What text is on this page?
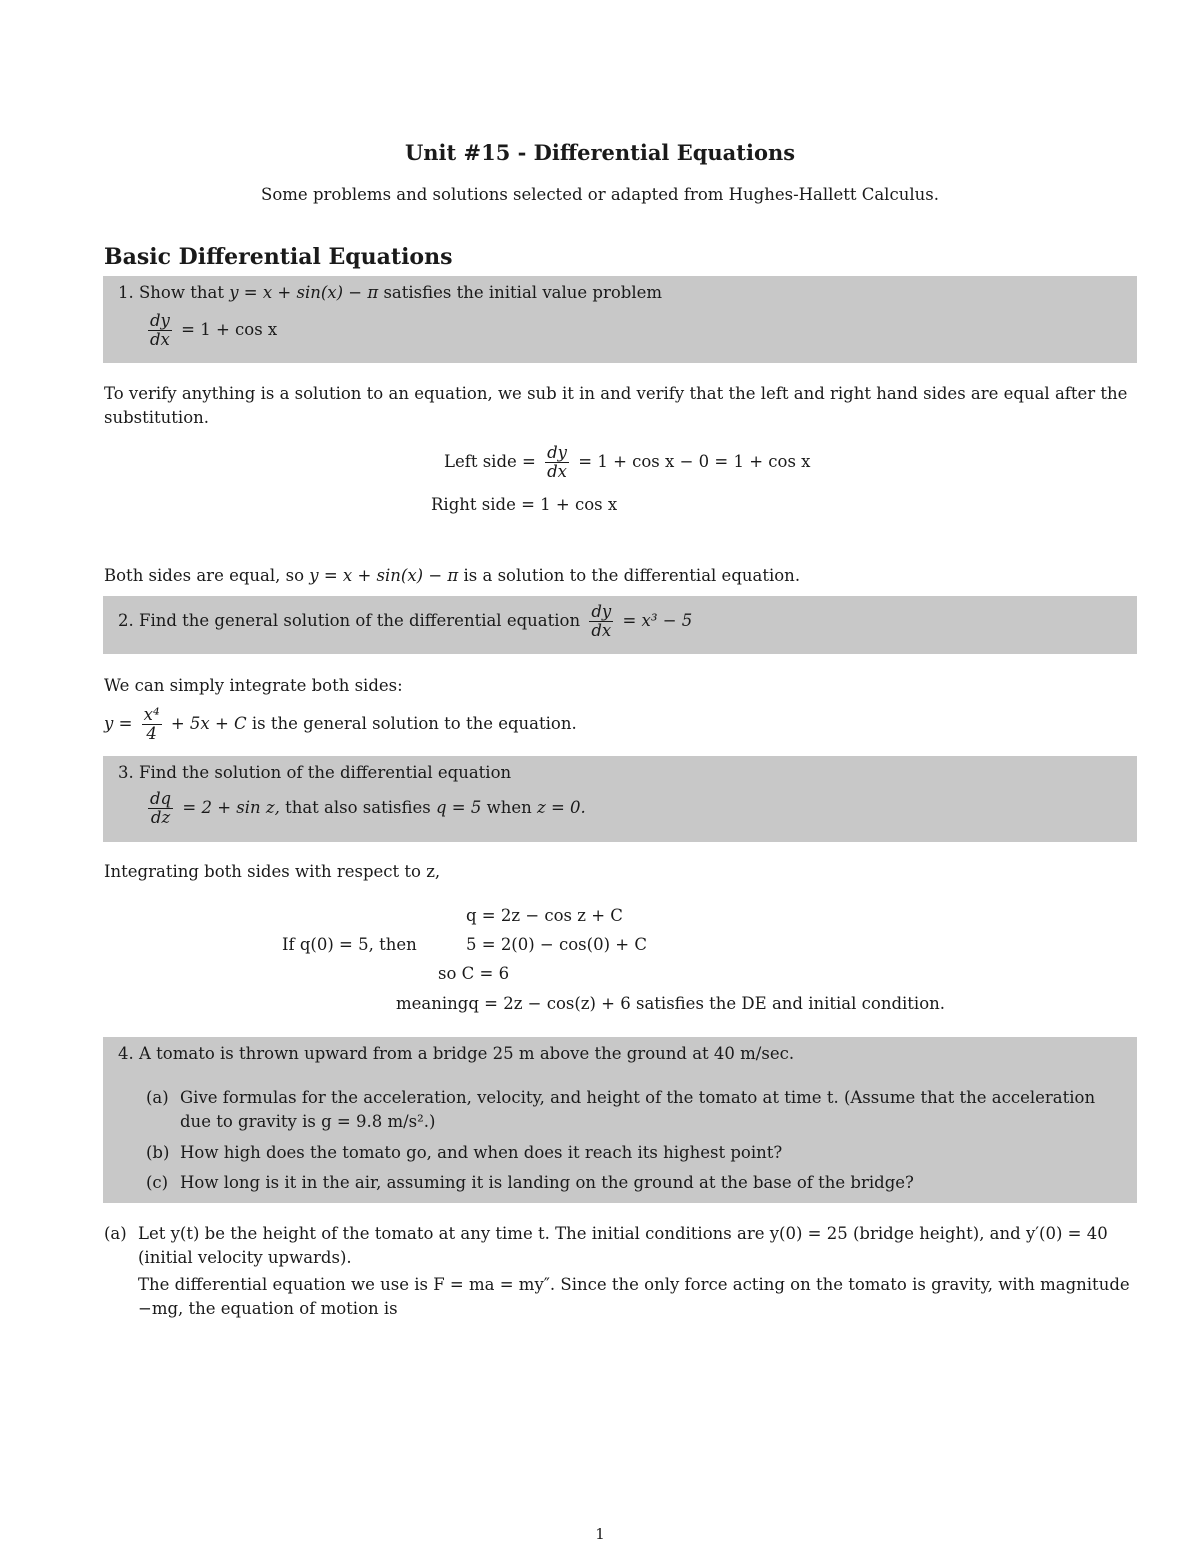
Unit #15 - Differential Equations
Some problems and solutions selected or adapted from Hughes-Hallett Calculus.
Basic Differential Equations
1. Show that y = x + sin(x) − π satisfies the initial value problem
$\frac{dy}{dx} = 1 + \cos x$
To verify anything is a solution to an equation, we sub it in and verify that the left and right hand sides are equal after the substitution.
Left side = $\frac{dy}{dx} = 1 + \cos x - 0 = 1 + \cos x$
Right side = 1 + cos x
Both sides are equal, so y = x + sin(x) − π is a solution to the differential equation.
2. Find the general solution of the differential equation $\frac{dy}{dx} = x^3 - 5$
We can simply integrate both sides:
$y = \frac{\text{x⁴}}{4} + 5x + C$ is the general solution to the equation.
3. Find the solution of the differential equation
$\frac{dq}{dz} = 2 + \sin z$, that also satisfies q = 5 when z = 0.
Integrating both sides with respect to z,
q = 2z − cos z + C
If q(0) = 5, then	5 = 2(0) − cos(0) + C
so C = 6
meaningq = 2z − cos(z) + 6 satisfies the DE and initial condition.
4. A tomato is thrown upward from a bridge 25 m above the ground at 40 m/sec.
(a) Give formulas for the acceleration, velocity, and height of the tomato at time t. (Assume that the acceleration due to gravity is g = 9.8 m/s².)
(b) How high does the tomato go, and when does it reach its highest point?
(c) How long is it in the air, assuming it is landing on the ground at the base of the bridge?
(a) Let y(t) be the height of the tomato at any time t. The initial conditions are y(0) = 25 (bridge height), and y′(0) = 40 (initial velocity upwards).
The differential equation we use is F = ma = my″. Since the only force acting on the tomato is gravity, with magnitude −mg, the equation of motion is
1
